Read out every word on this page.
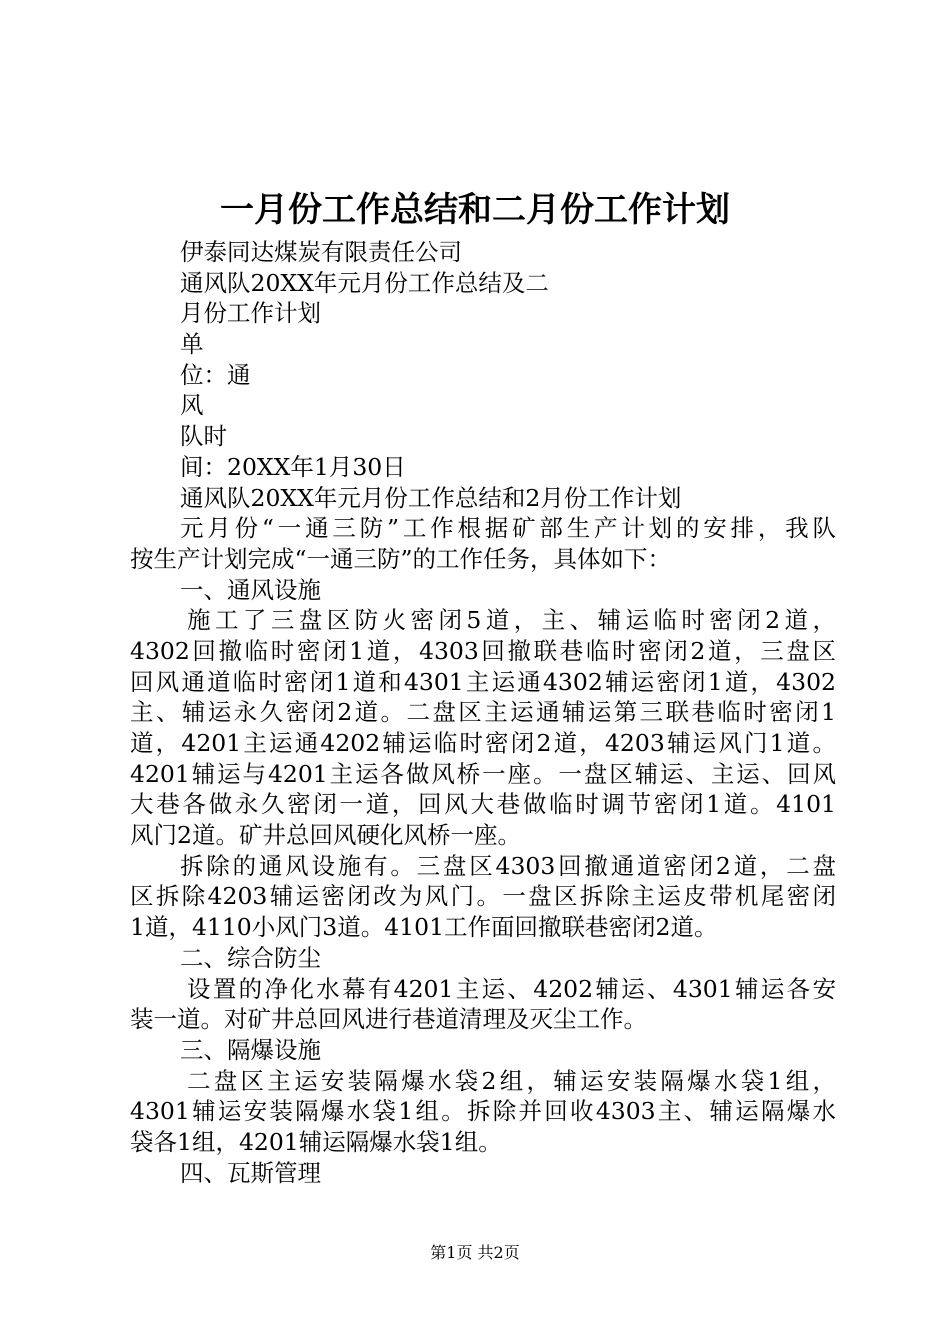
一月份工作总结和二月份工作计划
伊泰同达煤炭有限责任公司
通风队20XX年元月份工作总结及二
月份工作计划
单
位：通
风
队时
间：20XX年1月30日
通风队20XX年元月份工作总结和2月份工作计划
元月份“一通三防”工作根据矿部生产计划的安排，我队
按生产计划完成“一通三防”的工作任务，具体如下：
一、通风设施
施工了三盘区防火密闭5道，主、辅运临时密闭2道，
4302回撤临时密闭1道，4303回撤联巷临时密闭2道，三盘区
回风通道临时密闭1道和4301主运通4302辅运密闭1道，4302
主、辅运永久密闭2道。二盘区主运通辅运第三联巷临时密闭1
道，4201主运通4202辅运临时密闭2道，4203辅运风门1道。
4201辅运与4201主运各做风桥一座。一盘区辅运、主运、回风
大巷各做永久密闭一道，回风大巷做临时调节密闭1道。4101
风门2道。矿井总回风硬化风桥一座。
拆除的通风设施有。三盘区4303回撤通道密闭2道，二盘
区拆除4203辅运密闭改为风门。一盘区拆除主运皮带机尾密闭
1道，4110小风门3道。4101工作面回撤联巷密闭2道。
二、综合防尘
设置的净化水幕有4201主运、4202辅运、4301辅运各安
装一道。对矿井总回风进行巷道清理及灭尘工作。
三、隔爆设施
二盘区主运安装隔爆水袋2组，辅运安装隔爆水袋1组，
4301辅运安装隔爆水袋1组。拆除并回收4303主、辅运隔爆水
袋各1组，4201辅运隔爆水袋1组。
四、瓦斯管理
第1页 共2页
